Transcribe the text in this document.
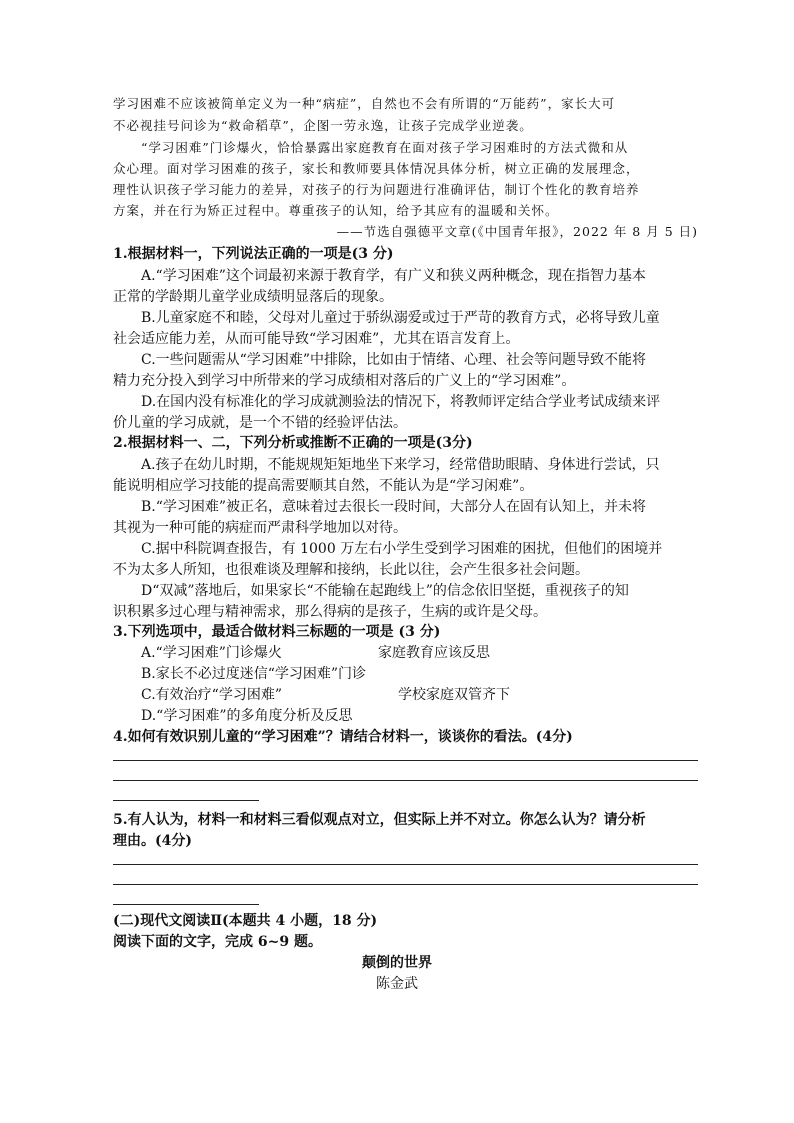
学习困难不应该被简单定义为一种“病症”，自然也不会有所谓的“万能药”，家长大可
不必视挂号问诊为“救命稻草”，企图一劳永逸，让孩子完成学业逆袭。
“学习困难”门诊爆火，恰恰暴露出家庭教育在面对孩子学习困难时的方法式微和从
众心理。面对学习困难的孩子，家长和教师要具体情况具体分析，树立正确的发展理念，
理性认识孩子学习能力的差异，对孩子的行为问题进行准确评估，制订个性化的教育培养
方案，并在行为矫正过程中。尊重孩子的认知，给予其应有的温暖和关怀。
——节选自强德平文章(《中国青年报》，2022 年 8 月 5 日)
1.根据材料一，下列说法正确的一项是(3 分)
A.“学习困难”这个词最初来源于教育学，有广义和狭义两种概念，现在指智力基本
正常的学龄期儿童学业成绩明显落后的现象。
B.儿童家庭不和睦，父母对儿童过于骄纵溺爱或过于严苛的教育方式，必将导致儿童
社会适应能力差，从而可能导致“学习困难”，尤其在语言发育上。
C.一些问题需从“学习困难”中排除，比如由于情绪、心理、社会等问题导致不能将
精力充分投入到学习中所带来的学习成绩相对落后的广义上的“学习困难”。
D.在国内没有标准化的学习成就测验法的情况下，将教师评定结合学业考试成绩来评
价儿童的学习成就，是一个不错的经验评估法。
2.根据材料一、二，下列分析或推断不正确的一项是(3分)
A.孩子在幼儿时期，不能规规矩矩地坐下来学习，经常借助眼睛、身体进行尝试，只
能说明相应学习技能的提高需要顺其自然，不能认为是“学习闲难”。
B.“学习困难”被正名，意味着过去很长一段时间，大部分人在固有认知上，并未将
其视为一种可能的病症而严肃科学地加以对待。
C.据中科院调查报告，有 1000 万左右小学生受到学习困难的困扰，但他们的困境并
不为太多人所知，也很难谈及理解和接纳，长此以往，会产生很多社会问题。
D“双减”落地后，如果家长“不能输在起跑线上”的信念依旧坚挺，重视孩子的知
识积累多过心理与精神需求，那么得病的是孩子，生病的或许是父母。
3.下列选项中，最适合做材料三标题的一项是 (3 分)
A.“学习困难”门诊爆火	家庭教育应该反思
B.家长不必过度迷信“学习困难”门诊
C.有效治疗“学习困难”	学校家庭双管齐下
D.“学习困难”的多角度分析及反思
4.如何有效识别儿童的“学习困难”？请结合材料一，谈谈你的看法。(4分)
5.有人认为，材料一和材料三看似观点对立，但实际上并不对立。你怎么认为？请分析
理由。(4分)
(二)现代文阅读Ⅱ(本题共 4 小题，18 分)
阅读下面的文字，完成 6~9 题。
颠倒的世界
陈金武
